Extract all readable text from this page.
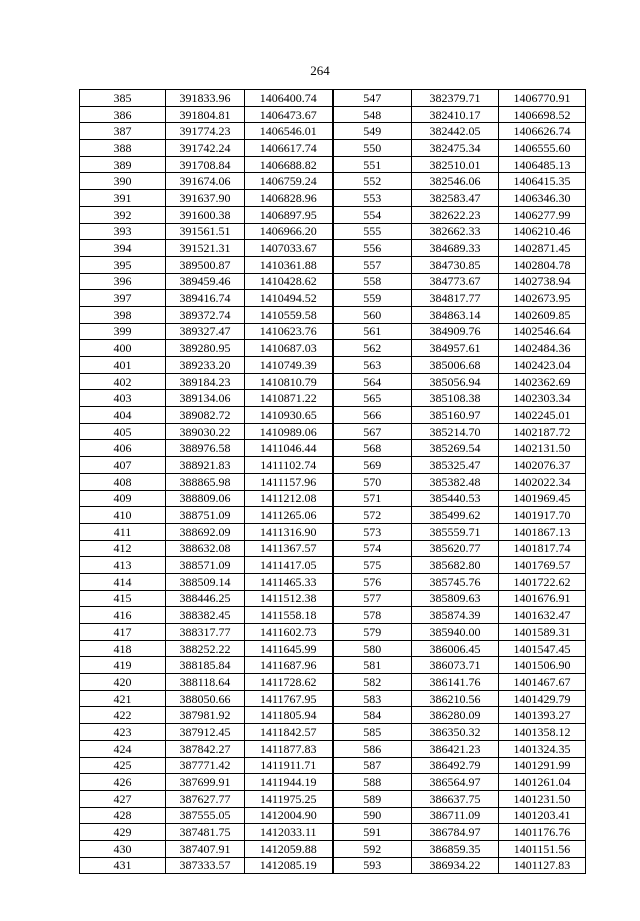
264
385	391833.96	1406400.74	547	382379.71	1406770.91
386	391804.81	1406473.67	548	382410.17	1406698.52
387	391774.23	1406546.01	549	382442.05	1406626.74
388	391742.24	1406617.74	550	382475.34	1406555.60
389	391708.84	1406688.82	551	382510.01	1406485.13
390	391674.06	1406759.24	552	382546.06	1406415.35
391	391637.90	1406828.96	553	382583.47	1406346.30
392	391600.38	1406897.95	554	382622.23	1406277.99
393	391561.51	1406966.20	555	382662.33	1406210.46
394	391521.31	1407033.67	556	384689.33	1402871.45
395	389500.87	1410361.88	557	384730.85	1402804.78
396	389459.46	1410428.62	558	384773.67	1402738.94
397	389416.74	1410494.52	559	384817.77	1402673.95
398	389372.74	1410559.58	560	384863.14	1402609.85
399	389327.47	1410623.76	561	384909.76	1402546.64
400	389280.95	1410687.03	562	384957.61	1402484.36
401	389233.20	1410749.39	563	385006.68	1402423.04
402	389184.23	1410810.79	564	385056.94	1402362.69
403	389134.06	1410871.22	565	385108.38	1402303.34
404	389082.72	1410930.65	566	385160.97	1402245.01
405	389030.22	1410989.06	567	385214.70	1402187.72
406	388976.58	1411046.44	568	385269.54	1402131.50
407	388921.83	1411102.74	569	385325.47	1402076.37
408	388865.98	1411157.96	570	385382.48	1402022.34
409	388809.06	1411212.08	571	385440.53	1401969.45
410	388751.09	1411265.06	572	385499.62	1401917.70
411	388692.09	1411316.90	573	385559.71	1401867.13
412	388632.08	1411367.57	574	385620.77	1401817.74
413	388571.09	1411417.05	575	385682.80	1401769.57
414	388509.14	1411465.33	576	385745.76	1401722.62
415	388446.25	1411512.38	577	385809.63	1401676.91
416	388382.45	1411558.18	578	385874.39	1401632.47
417	388317.77	1411602.73	579	385940.00	1401589.31
418	388252.22	1411645.99	580	386006.45	1401547.45
419	388185.84	1411687.96	581	386073.71	1401506.90
420	388118.64	1411728.62	582	386141.76	1401467.67
421	388050.66	1411767.95	583	386210.56	1401429.79
422	387981.92	1411805.94	584	386280.09	1401393.27
423	387912.45	1411842.57	585	386350.32	1401358.12
424	387842.27	1411877.83	586	386421.23	1401324.35
425	387771.42	1411911.71	587	386492.79	1401291.99
426	387699.91	1411944.19	588	386564.97	1401261.04
427	387627.77	1411975.25	589	386637.75	1401231.50
428	387555.05	1412004.90	590	386711.09	1401203.41
429	387481.75	1412033.11	591	386784.97	1401176.76
430	387407.91	1412059.88	592	386859.35	1401151.56
431	387333.57	1412085.19	593	386934.22	1401127.83
